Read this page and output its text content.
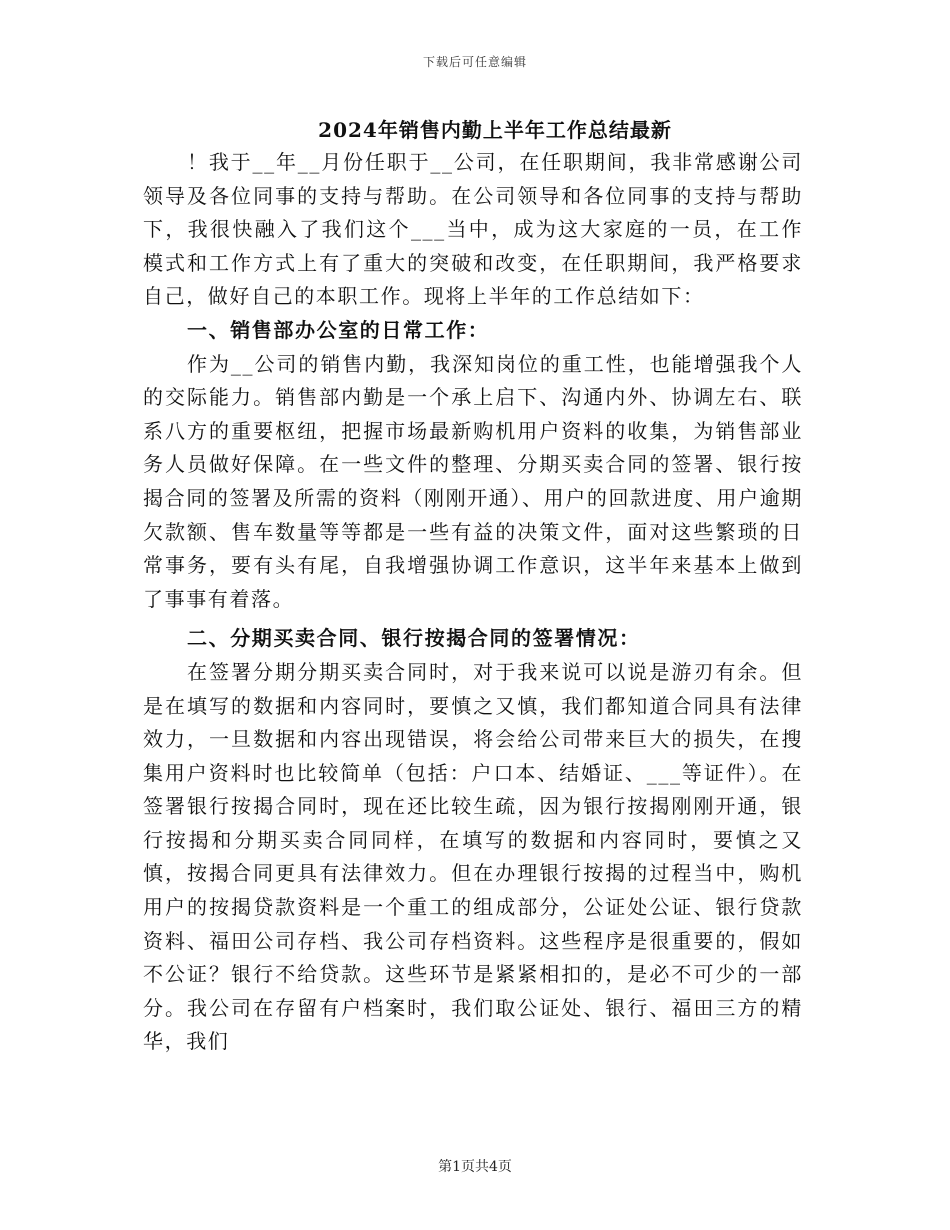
下载后可任意编辑
2024年销售内勤上半年工作总结最新

！我于__年__月份任职于__公司，在任职期间，我非常感谢公司领导及各位同事的支持与帮助。在公司领导和各位同事的支持与帮助下，我很快融入了我们这个___当中，成为这大家庭的一员，在工作模式和工作方式上有了重大的突破和改变，在任职期间，我严格要求自己，做好自己的本职工作。现将上半年的工作总结如下：

一、销售部办公室的日常工作：

作为__公司的销售内勤，我深知岗位的重工性，也能增强我个人的交际能力。销售部内勤是一个承上启下、沟通内外、协调左右、联系八方的重要枢纽，把握市场最新购机用户资料的收集，为销售部业务人员做好保障。在一些文件的整理、分期买卖合同的签署、银行按揭合同的签署及所需的资料（刚刚开通）、用户的回款进度、用户逾期欠款额、售车数量等等都是一些有益的决策文件，面对这些繁琐的日常事务，要有头有尾，自我增强协调工作意识，这半年来基本上做到了事事有着落。

二、分期买卖合同、银行按揭合同的签署情况：

在签署分期分期买卖合同时，对于我来说可以说是游刃有余。但是在填写的数据和内容同时，要慎之又慎，我们都知道合同具有法律效力，一旦数据和内容出现错误，将会给公司带来巨大的损失，在搜集用户资料时也比较简单（包括：户口本、结婚证、___等证件）。在签署银行按揭合同时，现在还比较生疏，因为银行按揭刚刚开通，银行按揭和分期买卖合同同样，在填写的数据和内容同时，要慎之又慎，按揭合同更具有法律效力。但在办理银行按揭的过程当中，购机用户的按揭贷款资料是一个重工的组成部分，公证处公证、银行贷款资料、福田公司存档、我公司存档资料。这些程序是很重要的，假如不公证？银行不给贷款。这些环节是紧紧相扣的，是必不可少的一部分。我公司在存留有户档案时，我们取公证处、银行、福田三方的精华，我们

第1页共4页
